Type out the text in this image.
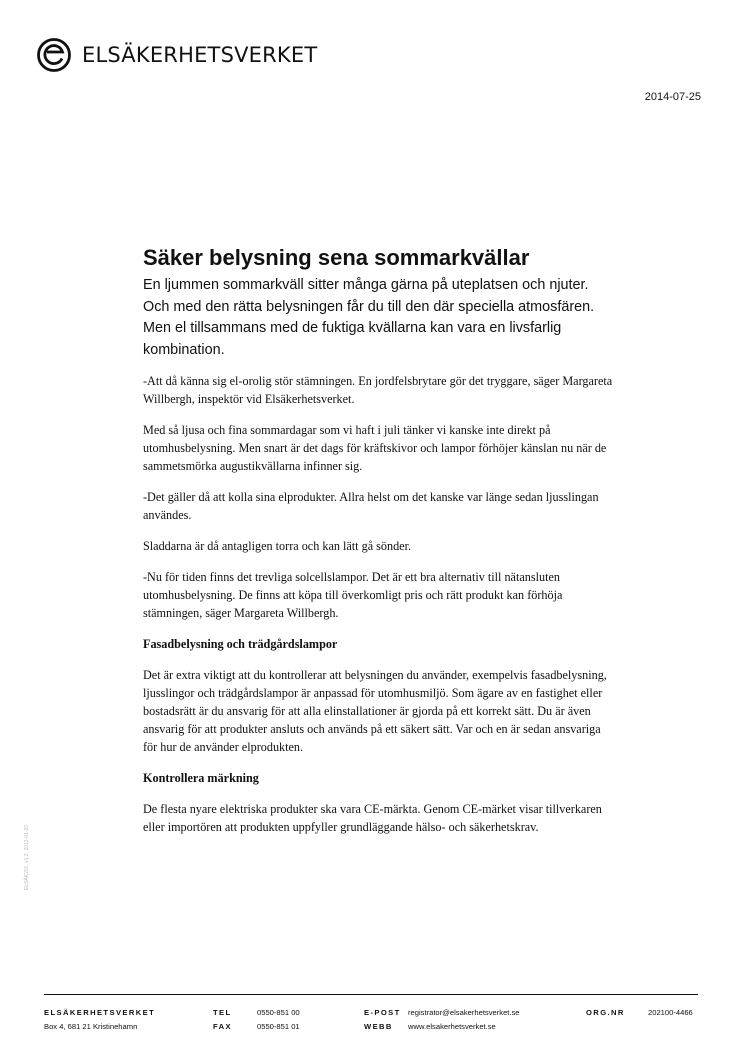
ELSÄKERHETSVERKET
2014-07-25
Säker belysning sena sommarkvällar

En ljummen sommarkväll sitter många gärna på uteplatsen och njuter. Och med den rätta belysningen får du till den där speciella atmosfären. Men el tillsammans med de fuktiga kvällarna kan vara en livsfarlig kombination.

-Att då känna sig el-orolig stör stämningen. En jordfelsbrytare gör det tryggare, säger Margareta Willbergh, inspektör vid Elsäkerhetsverket.

Med så ljusa och fina sommardagar som vi haft i juli tänker vi kanske inte direkt på utomhusbelysning. Men snart är det dags för kräftskivor och lampor förhöjer känslan nu när de sammetsmörka augustikvällarna infinner sig.

-Det gäller då att kolla sina elprodukter. Allra helst om det kanske var länge sedan ljusslingan användes.

Sladdarna är då antagligen torra och kan lätt gå sönder.

-Nu för tiden finns det trevliga solcellslampor. Det är ett bra alternativ till nätansluten utomhusbelysning. De finns att köpa till överkomligt pris och rätt produkt kan förhöja stämningen, säger Margareta Willbergh.

Fasadbelysning och trädgårdslampor

Det är extra viktigt att du kontrollerar att belysningen du använder, exempelvis fasadbelysning, ljusslingor och trädgårdslampor är anpassad för utomhusmiljö. Som ägare av en fastighet eller bostadsrätt är du ansvarig för att alla elinstallationer är gjorda på ett korrekt sätt. Du är även ansvarig för att produkter ansluts och används på ett säkert sätt. Var och en är sedan ansvariga för hur de använder elprodukten.

Kontrollera märkning

De flesta nyare elektriska produkter ska vara CE-märkta. Genom CE-märket visar tillverkaren eller importören att produkten uppfyller grundläggande hälso- och säkerhetskrav.

ELSÄK201, v1.2, 2012-01-20
ELSÄKERHETSVERKET
Box 4, 681 21 Kristinehamn
TEL	0550-851 00
FAX	0550-851 01
E-POST registrator@elsakerhetsverket.se
WEBB www.elsakerhetsverket.se
ORG.NR	202100-4466
